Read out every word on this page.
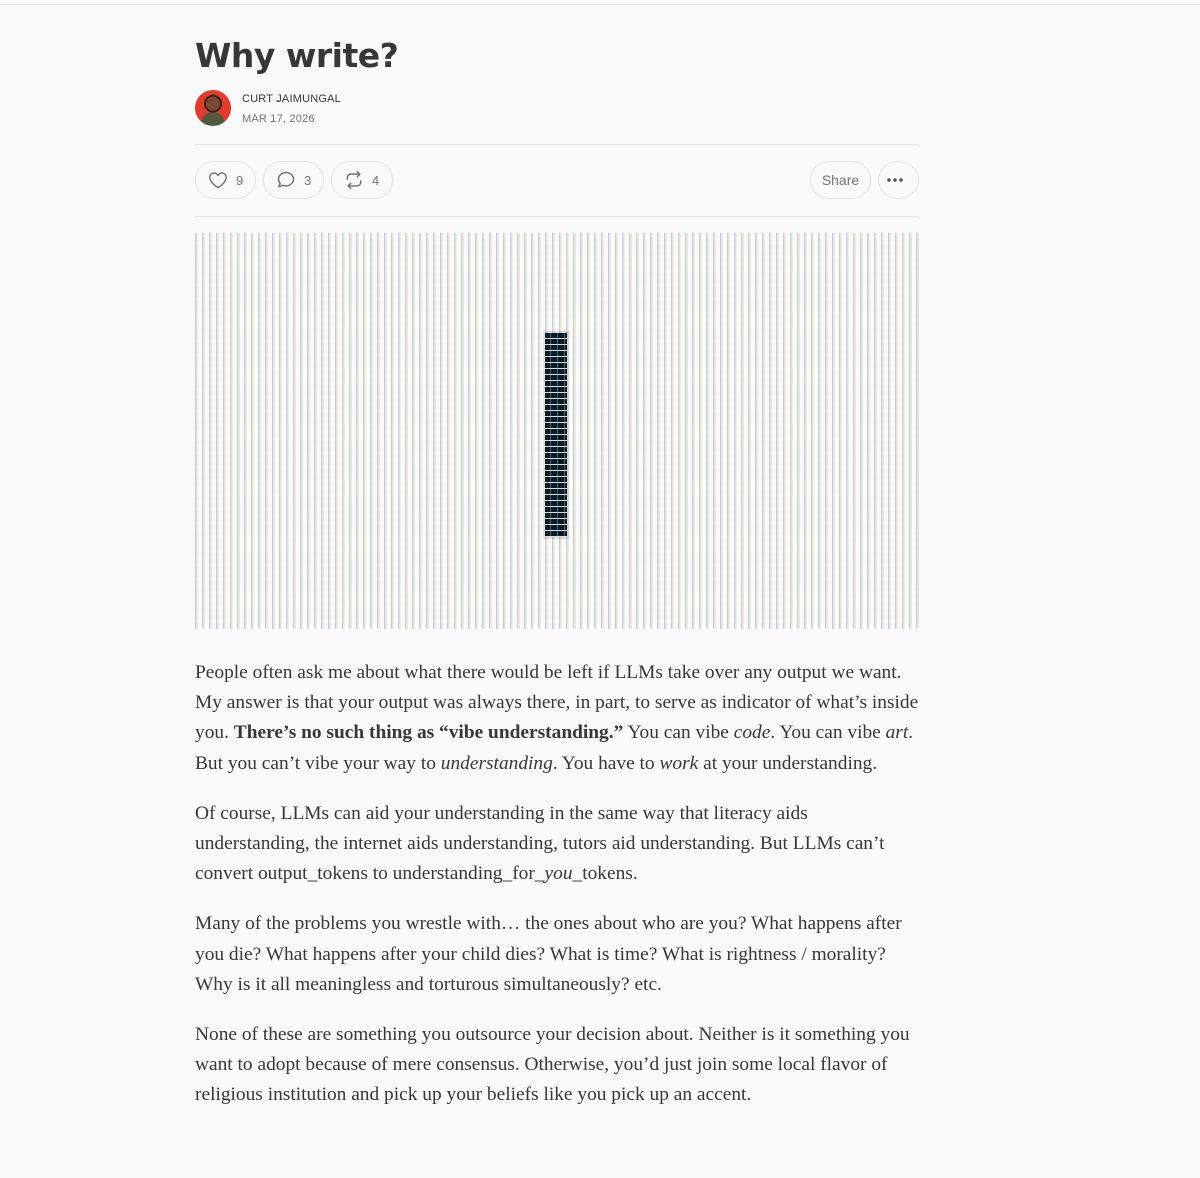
Why write?
CURT JAIMUNGAL
MAR 17, 2026
9	3	4	Share

People often ask me about what there would be left if LLMs take over any output we want. My answer is that your output was always there, in part, to serve as indicator of what’s inside you. There’s no such thing as “vibe understanding.” You can vibe code. You can vibe art. But you can’t vibe your way to understanding. You have to work at your understanding.

Of course, LLMs can aid your understanding in the same way that literacy aids understanding, the internet aids understanding, tutors aid understanding. But LLMs can’t convert output_tokens to understanding_for_you_tokens.

Many of the problems you wrestle with… the ones about who are you? What happens after you die? What happens after your child dies? What is time? What is rightness / morality? Why is it all meaningless and torturous simultaneously? etc.

None of these are something you outsource your decision about. Neither is it something you want to adopt because of mere consensus. Otherwise, you’d just join some local flavor of religious institution and pick up your beliefs like you pick up an accent.
